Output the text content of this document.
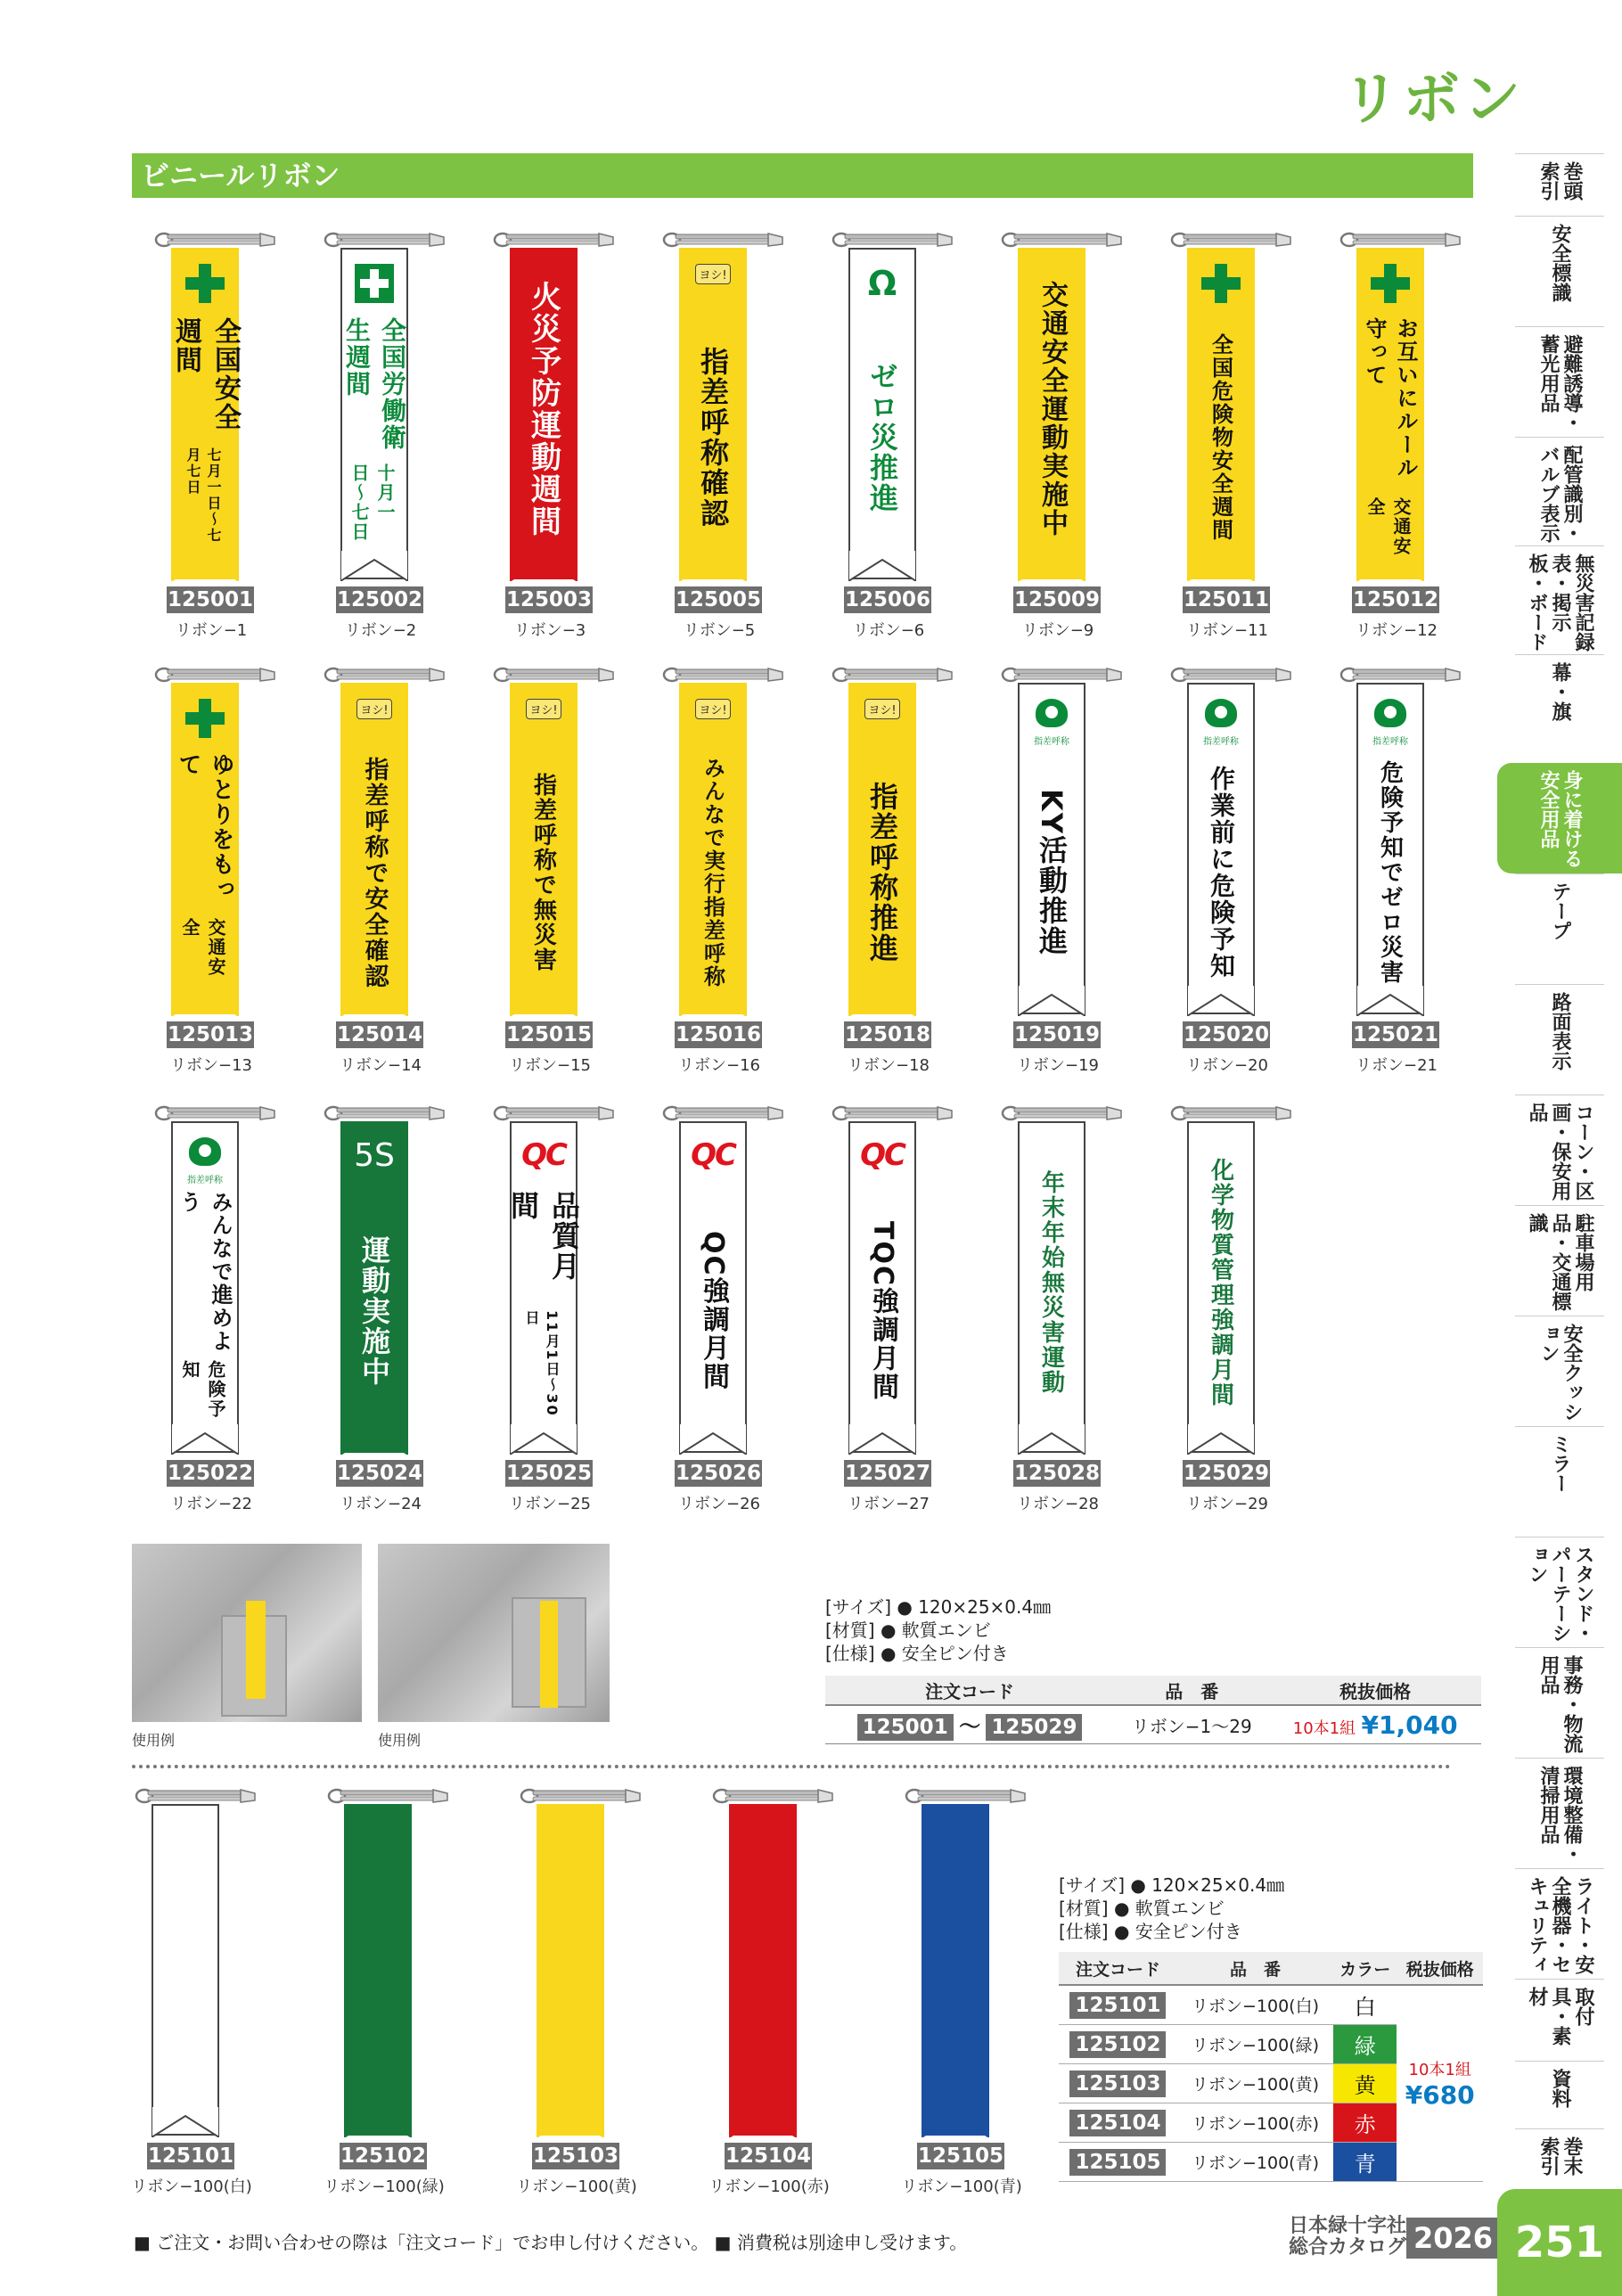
リボン
ビニールリボン
全国安全週間
七月一日〜七月七日
125001
リボン−1
全国労働衛生週間
十月一日〜七日
125002
リボン−2
火災予防運動週間
125003
リボン−3
ヨシ!
指差呼称確認
125005
リボン−5
Ω
ゼロ災推進
125006
リボン−6
交通安全運動実施中
125009
リボン−9
全国危険物安全週間
125011
リボン−11
お互いにルール守って
交通安全
125012
リボン−12
ゆとりをもって
交通安全
125013
リボン−13
ヨシ!
指差呼称で安全確認
125014
リボン−14
ヨシ!
指差呼称で無災害
125015
リボン−15
ヨシ!
みんなで実行指差呼称
125016
リボン−16
ヨシ!
指差呼称推進
125018
リボン−18

指差呼称
KY活動推進
125019
リボン−19

指差呼称
作業前に危険予知
125020
リボン−20

指差呼称
危険予知でゼロ災害
125021
リボン−21

指差呼称
みんなで進めよう
危険予知
125022
リボン−22
5S
運動実施中
125024
リボン−24
QC
品質月間
11月1日〜30日
125025
リボン−25
QC
QC強調月間
125026
リボン−26
QC
TQC強調月間
125027
リボン−27
年末年始無災害運動
125028
リボン−28
化学物質管理強調月間
125029
リボン−29
使用例	使用例
[サイズ] ● 120×25×0.4㎜
[材質] ● 軟質エンビ
[仕様] ● 安全ピン付き
注文コード	品　番	税抜価格
125001 〜 125029	リボン−1〜29	10本1組 ¥1,040
125101
リボン−100(白)
125102
リボン−100(緑)
125103
リボン−100(黄)
125104
リボン−100(赤)
125105
リボン−100(青)
[サイズ] ● 120×25×0.4㎜
[材質] ● 軟質エンビ
[仕様] ● 安全ピン付き
注文コード	品　番	カラー	税抜価格
125101	リボン−100(白)	白	10本1組
¥680

125102	リボン−100(緑)	緑	
125103	リボン−100(黄)	黄	
125104	リボン−100(赤)	赤	
125105	リボン−100(青)	青	
巻頭索引
安全標識
避難誘導・蓄光用品
配管識別・バルブ表示
無災害記録表・掲示板・ボード
幕・旗
身に着ける安全用品
テープ
路面表示
コーン・区画・保安用品
駐車場用品・交通標識
安全クッション
ミラー
スタンド・パーテーション
事務・物流用品
環境整備・清掃用品
ライト・安全機器・セキュリティ
取付具・素材
資料
巻末索引
■ ご注文・お問い合わせの際は「注文コード」でお申し付けください。 ■ 消費税は別途申し受けます。
日本緑十字社
総合カタログ 2026 251
